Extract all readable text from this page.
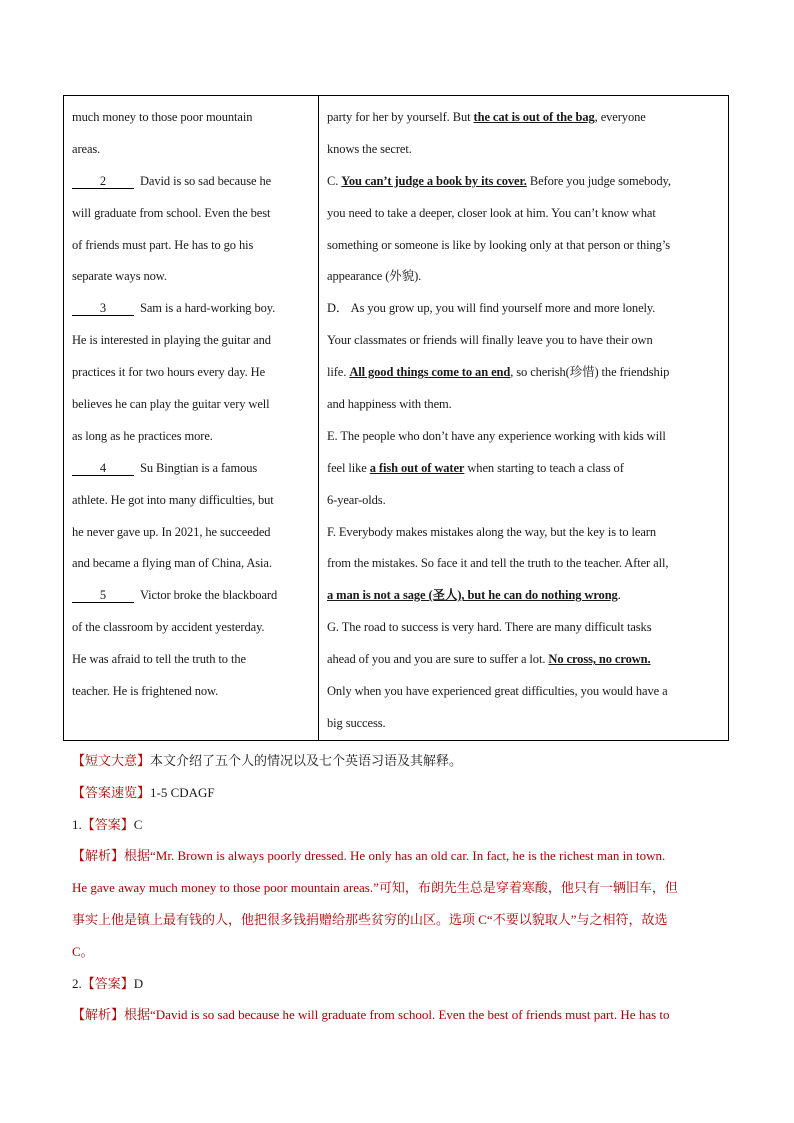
much money to those poor mountain
areas.
2	David is so sad because he
will graduate from school. Even the best
of friends must part. He has to go his
separate ways now.
3	Sam is a hard-working boy.
He is interested in playing the guitar and
practices it for two hours every day. He
believes he can play the guitar very well
as long as he practices more.
4	Su Bingtian is a famous
athlete. He got into many difficulties, but
he never gave up. In 2021, he succeeded
and became a flying man of China, Asia.
5	Victor broke the blackboard
of the classroom by accident yesterday.
He was afraid to tell the truth to the
teacher. He is frightened now.
party for her by yourself. But the cat is out of the bag, everyone
knows the secret.
C. You can’t judge a book by its cover. Before you judge somebody,
you need to take a deeper, closer look at him. You can’t know what
something or someone is like by looking only at that person or thing’s
appearance (外貌).
D． As you grow up, you will find yourself more and more lonely.
Your classmates or friends will finally leave you to have their own
life. All good things come to an end, so cherish(珍惜) the friendship
and happiness with them.
E. The people who don’t have any experience working with kids will
feel like a fish out of water when starting to teach a class of
6-year-olds.
F. Everybody makes mistakes along the way, but the key is to learn
from the mistakes. So face it and tell the truth to the teacher. After all,
a man is not a sage (圣人), but he can do nothing wrong.
G. The road to success is very hard. There are many difficult tasks
ahead of you and you are sure to suffer a lot. No cross, no crown.
Only when you have experienced great difficulties, you would have a
big success.
【短文大意】本文介绍了五个人的情况以及七个英语习语及其解释。
【答案速览】1-5 CDAGF
1.【答案】C
【解析】根据“Mr. Brown is always poorly dressed. He only has an old car. In fact, he is the richest man in town.
He gave away much money to those poor mountain areas.”可知，布朗先生总是穿着寒酸，他只有一辆旧车，但
事实上他是镇上最有钱的人，他把很多钱捐赠给那些贫穷的山区。选项 C“不要以貌取人”与之相符，故选
C。
2.【答案】D
【解析】根据“David is so sad because he will graduate from school. Even the best of friends must part. He has to
